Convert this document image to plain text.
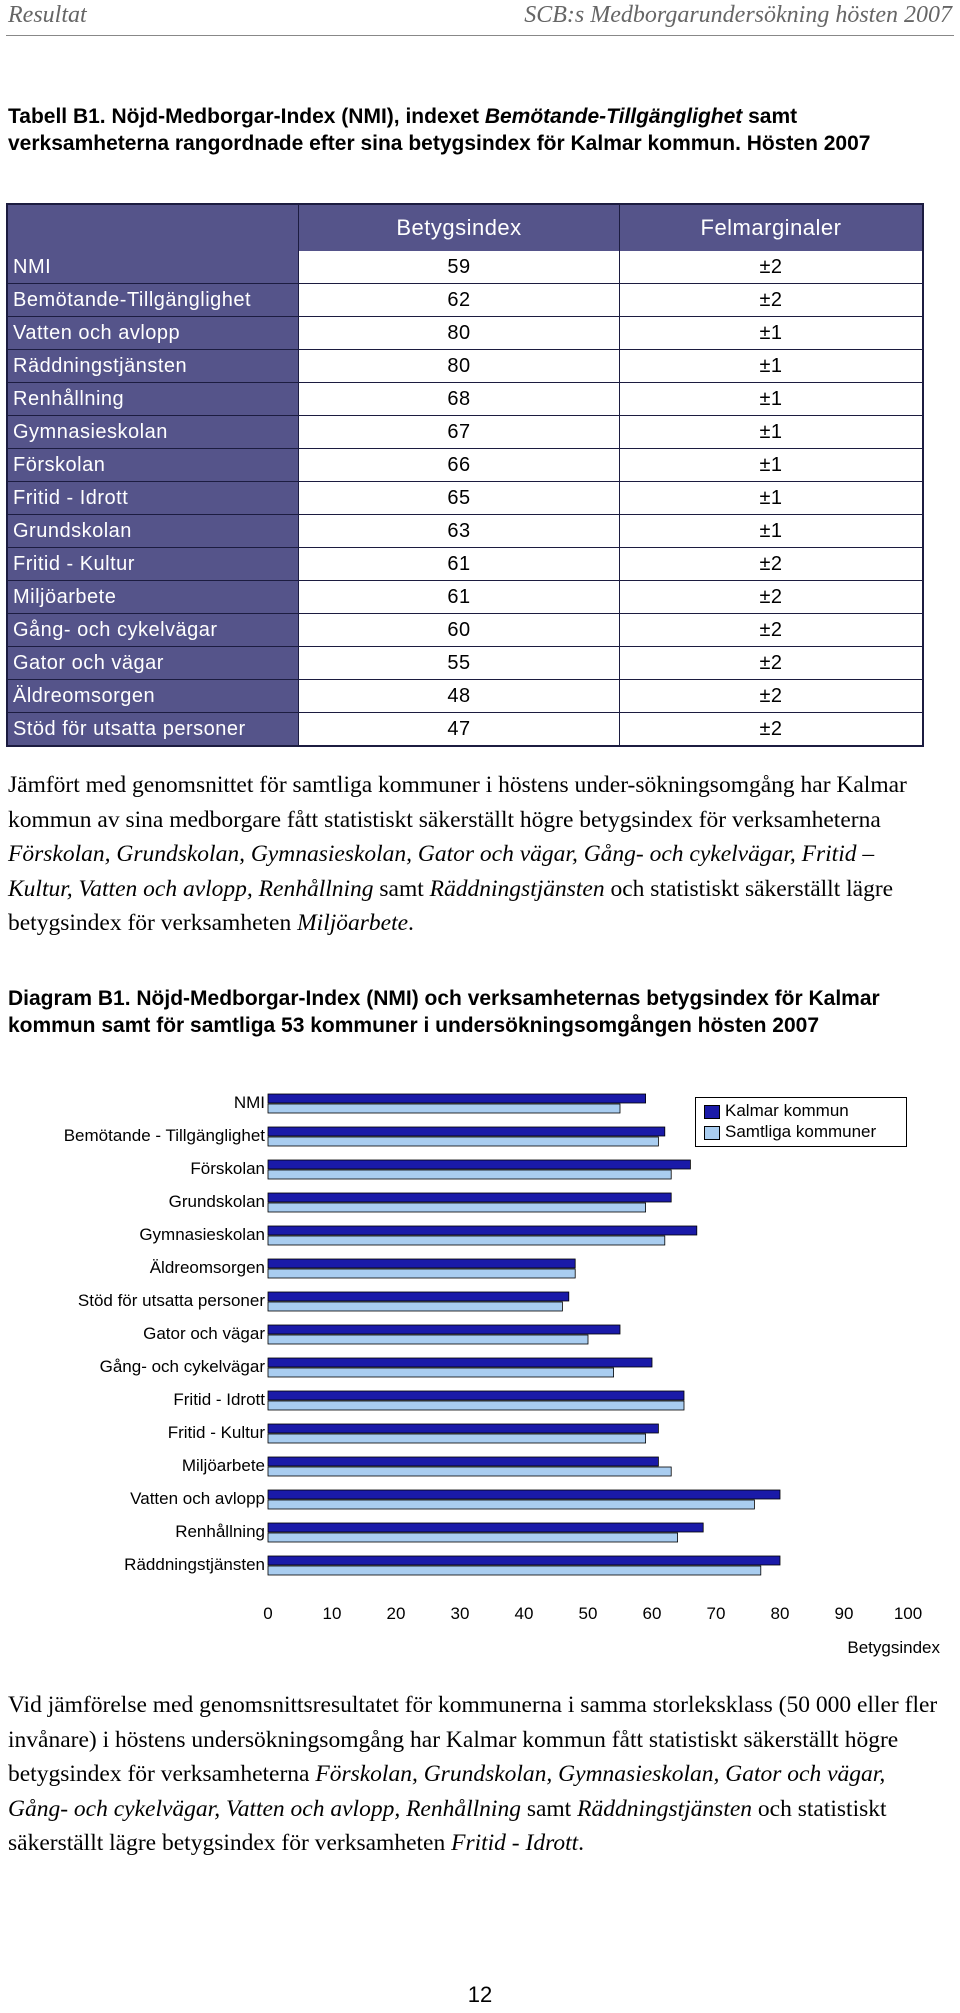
Resultat	SCB:s Medborgarundersökning hösten 2007
Tabell B1. Nöjd-Medborgar-Index (NMI), indexet Bemötande-Tillgänglighet samt verksamheterna rangordnade efter sina betygsindex för Kalmar kommun. Hösten 2007
	Betygsindex	Felmarginaler
NMI	59	±2
Bemötande-Tillgänglighet	62	±2
Vatten och avlopp	80	±1
Räddningstjänsten	80	±1
Renhållning	68	±1
Gymnasieskolan	67	±1
Förskolan	66	±1
Fritid - Idrott	65	±1
Grundskolan	63	±1
Fritid - Kultur	61	±2
Miljöarbete	61	±2
Gång- och cykelvägar	60	±2
Gator och vägar	55	±2
Äldreomsorgen	48	±2
Stöd för utsatta personer	47	±2
Jämfört med genomsnittet för samtliga kommuner i höstens under-sökningsomgång har Kalmar kommun av sina medborgare fått statistiskt säkerställt högre betygsindex för verksamheterna Förskolan, Grundskolan, Gymnasieskolan, Gator och vägar, Gång- och cykelvägar, Fritid – Kultur, Vatten och avlopp, Renhållning samt Räddningstjänsten och statistiskt säkerställt lägre betygsindex för verksamheten Miljöarbete.
Diagram B1. Nöjd-Medborgar-Index (NMI) och verksamheternas betygsindex för Kalmar kommun samt för samtliga 53 kommuner i undersökningsomgången hösten 2007
NMI
Bemötande - Tillgänglighet
Förskolan
Grundskolan
Gymnasieskolan
Äldreomsorgen
Stöd för utsatta personer
Gator och vägar
Gång- och cykelvägar
Fritid - Idrott
Fritid - Kultur
Miljöarbete
Vatten och avlopp
Renhållning
Räddningstjänsten
0	10	20	30	40	50	60	70	80	90 100
Betygsindex
Kalmar kommun
Samtliga kommuner
Vid jämförelse med genomsnittsresultatet för kommunerna i samma storleksklass (50 000 eller fler invånare) i höstens undersökningsomgång har Kalmar kommun fått statistiskt säkerställt högre betygsindex för verksamheterna Förskolan, Grundskolan, Gymnasieskolan, Gator och vägar, Gång- och cykelvägar, Vatten och avlopp, Renhållning samt Räddningstjänsten och statistiskt säkerställt lägre betygsindex för verksamheten Fritid - Idrott.
12
